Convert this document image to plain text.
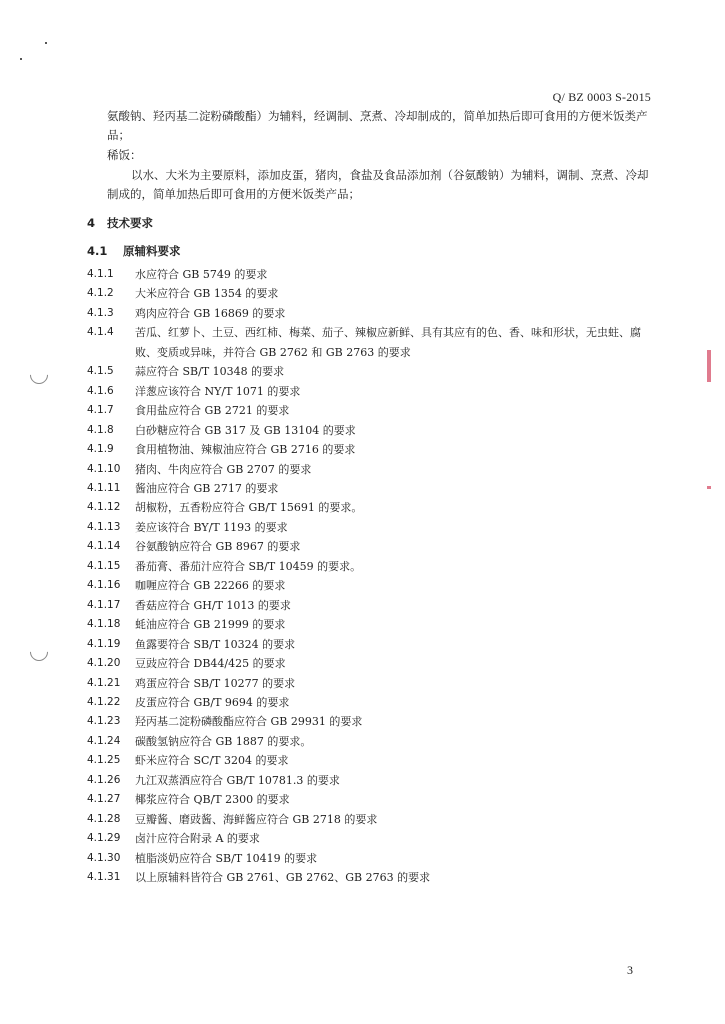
Q/ BZ 0003 S-2015
氨酸钠、羟丙基二淀粉磷酸酯）为辅料，经调制、烹煮、冷却制成的，简单加热后即可食用的方便米饭类产品；
稀饭：
以水、大米为主要原料，添加皮蛋，猪肉，食盐及食品添加剂（谷氨酸钠）为辅料，调制、烹煮、冷却制成的，简单加热后即可食用的方便米饭类产品；
4 技术要求
4.1 原辅料要求
4.1.1	水应符合 GB 5749 的要求
4.1.2	大米应符合 GB 1354 的要求
4.1.3	鸡肉应符合 GB 16869 的要求
4.1.4	苦瓜、红萝卜、土豆、西红柿、梅菜、茄子、辣椒应新鲜、具有其应有的色、香、味和形状，无虫蛀、腐败、变质或异味，并符合 GB 2762 和 GB 2763 的要求
4.1.5	蒜应符合 SB/T 10348 的要求
4.1.6	洋葱应该符合 NY/T 1071 的要求
4.1.7	食用盐应符合 GB 2721 的要求
4.1.8	白砂糖应符合 GB 317 及 GB 13104 的要求
4.1.9	食用植物油、辣椒油应符合 GB 2716 的要求
4.1.10	猪肉、牛肉应符合 GB 2707 的要求
4.1.11	酱油应符合 GB 2717 的要求
4.1.12	胡椒粉，五香粉应符合 GB/T 15691 的要求。
4.1.13	姜应该符合 BY/T 1193 的要求
4.1.14	谷氨酸钠应符合 GB 8967 的要求
4.1.15	番茄膏、番茄汁应符合 SB/T 10459 的要求。
4.1.16	咖喱应符合 GB 22266 的要求
4.1.17	香菇应符合 GH/T 1013 的要求
4.1.18	蚝油应符合 GB 21999 的要求
4.1.19	鱼露要符合 SB/T 10324 的要求
4.1.20	豆豉应符合 DB44/425 的要求
4.1.21	鸡蛋应符合 SB/T 10277 的要求
4.1.22	皮蛋应符合 GB/T 9694 的要求
4.1.23	羟丙基二淀粉磷酸酯应符合 GB 29931 的要求
4.1.24	碳酸氢钠应符合 GB 1887 的要求。
4.1.25	虾米应符合 SC/T 3204 的要求
4.1.26	九江双蒸酒应符合 GB/T 10781.3 的要求
4.1.27	椰浆应符合 QB/T 2300 的要求
4.1.28	豆瓣酱、磨豉酱、海鲜酱应符合 GB 2718 的要求
4.1.29	卤汁应符合附录 A 的要求
4.1.30	植脂淡奶应符合 SB/T 10419 的要求
4.1.31	以上原辅料皆符合 GB 2761、GB 2762、GB 2763 的要求
3
